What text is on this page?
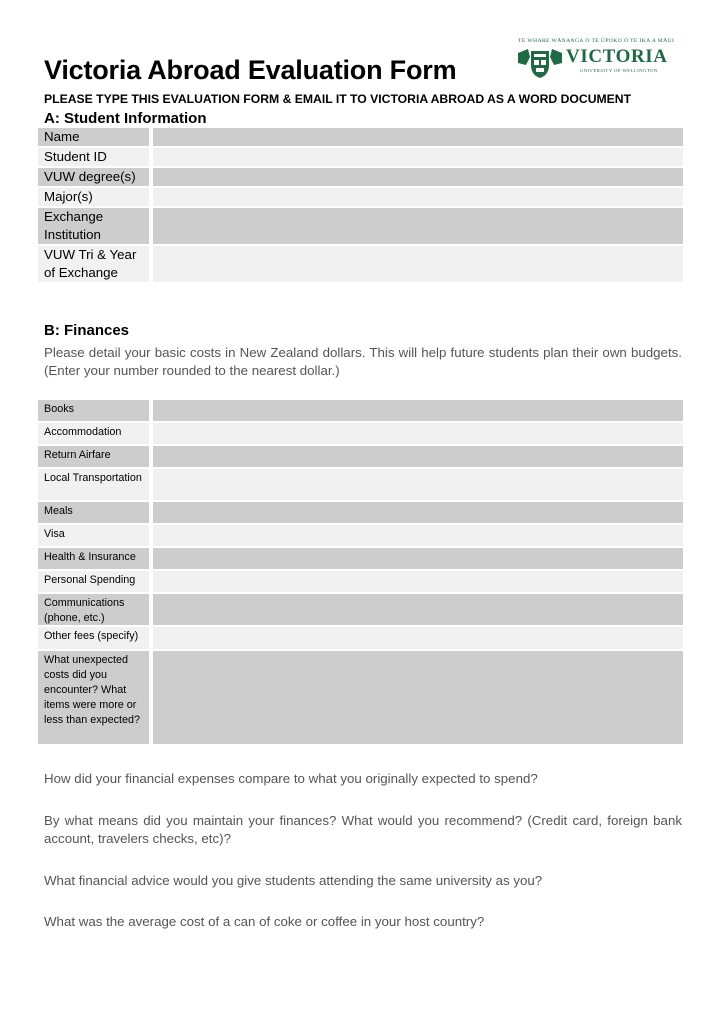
TE WHARE WĀNANGA O TE ŪPOKO O TE IKA A MĀUI
VICTORIA
UNIVERSITY OF WELLINGTON
Victoria Abroad Evaluation Form
PLEASE TYPE THIS EVALUATION FORM & EMAIL IT TO VICTORIA ABROAD AS A WORD DOCUMENT
A: Student Information
Name
Student ID
VUW degree(s)
Major(s)
Exchange Institution
VUW Tri & Year of Exchange
B: Finances
Please detail your basic costs in New Zealand dollars. This will help future students plan their own budgets. (Enter your number rounded to the nearest dollar.)
Books
Accommodation
Return Airfare
Local Transportation
Meals
Visa
Health & Insurance
Personal Spending
Communications (phone, etc.)
Other fees (specify)
What unexpected costs did you encounter? What items were more or less than expected?
How did your financial expenses compare to what you originally expected to spend?
By what means did you maintain your finances? What would you recommend? (Credit card, foreign bank account, travelers checks, etc)?
What financial advice would you give students attending the same university as you?
What was the average cost of a can of coke or coffee in your host country?
